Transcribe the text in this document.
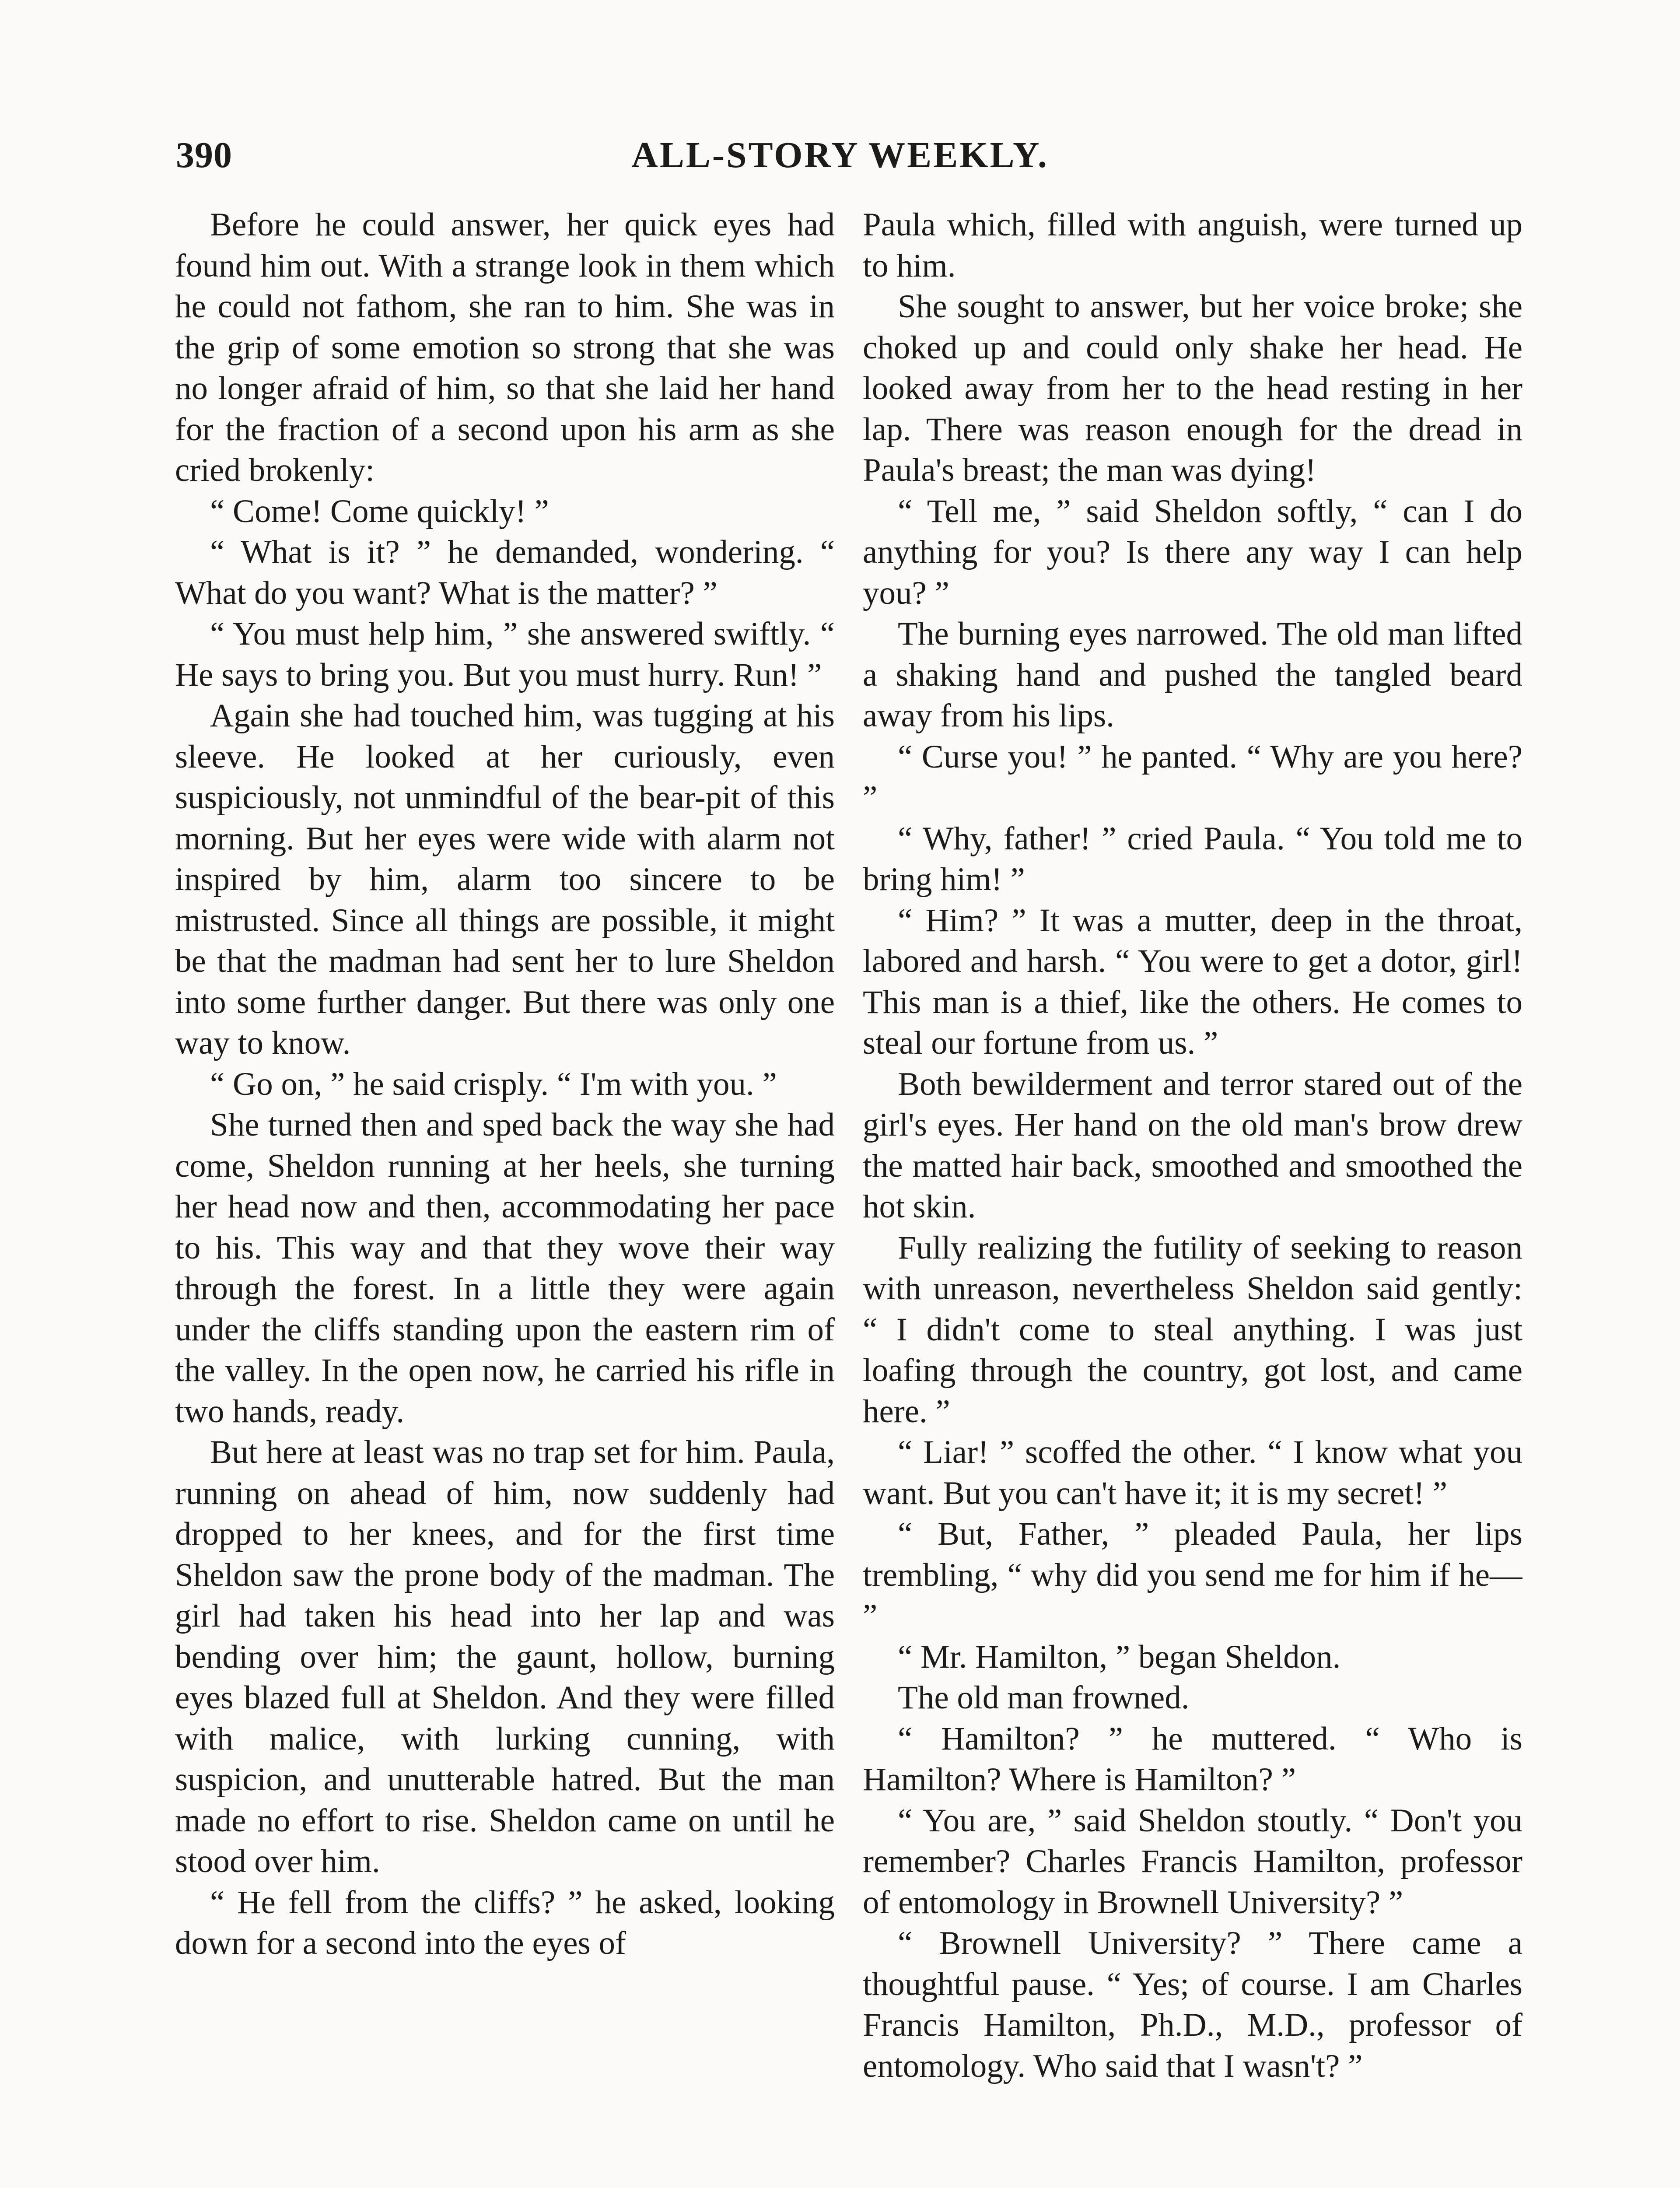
390	ALL-STORY WEEKLY.

Before he could answer, her quick eyes had found him out. With a strange look in them which he could not fathom, she ran to him. She was in the grip of some emotion so strong that she was no longer afraid of him, so that she laid her hand for the fraction of a second upon his arm as she cried brokenly:

“ Come! Come quickly! ”

“ What is it? ” he demanded, wondering. “ What do you want? What is the matter? ”

“ You must help him, ” she answered swiftly. “ He says to bring you. But you must hurry. Run! ”

Again she had touched him, was tugging at his sleeve. He looked at her curiously, even suspiciously, not unmindful of the bear-pit of this morning. But her eyes were wide with alarm not inspired by him, alarm too sincere to be mistrusted. Since all things are possible, it might be that the madman had sent her to lure Sheldon into some further danger. But there was only one way to know.

“ Go on, ” he said crisply. “ I'm with you. ”

She turned then and sped back the way she had come, Sheldon running at her heels, she turning her head now and then, accommodating her pace to his. This way and that they wove their way through the forest. In a little they were again under the cliffs standing upon the eastern rim of the valley. In the open now, he carried his rifle in two hands, ready.

But here at least was no trap set for him. Paula, running on ahead of him, now suddenly had dropped to her knees, and for the first time Sheldon saw the prone body of the madman. The girl had taken his head into her lap and was bending over him; the gaunt, hollow, burning eyes blazed full at Sheldon. And they were filled with malice, with lurking cunning, with suspicion, and unutterable hatred. But the man made no effort to rise. Sheldon came on until he stood over him.

“ He fell from the cliffs? ” he asked, looking down for a second into the eyes of

Paula which, filled with anguish, were turned up to him.

She sought to answer, but her voice broke; she choked up and could only shake her head. He looked away from her to the head resting in her lap. There was reason enough for the dread in Paula's breast; the man was dying!

“ Tell me, ” said Sheldon softly, “ can I do anything for you? Is there any way I can help you? ”

The burning eyes narrowed. The old man lifted a shaking hand and pushed the tangled beard away from his lips.

“ Curse you! ” he panted. “ Why are you here? ”

“ Why, father! ” cried Paula. “ You told me to bring him! ”

“ Him? ” It was a mutter, deep in the throat, labored and harsh. “ You were to get a dotor, girl! This man is a thief, like the others. He comes to steal our fortune from us. ”

Both bewilderment and terror stared out of the girl's eyes. Her hand on the old man's brow drew the matted hair back, smoothed and smoothed the hot skin.

Fully realizing the futility of seeking to reason with unreason, nevertheless Sheldon said gently: “ I didn't come to steal anything. I was just loafing through the country, got lost, and came here. ”

“ Liar! ” scoffed the other. “ I know what you want. But you can't have it; it is my secret! ”

“ But, Father, ” pleaded Paula, her lips trembling, “ why did you send me for him if he— ”

“ Mr. Hamilton, ” began Sheldon.

The old man frowned.

“ Hamilton? ” he muttered. “ Who is Hamilton? Where is Hamilton? ”

“ You are, ” said Sheldon stoutly. “ Don't you remember? Charles Francis Hamilton, professor of entomology in Brownell University? ”

“ Brownell University? ” There came a thoughtful pause. “ Yes; of course. I am Charles Francis Hamilton, Ph.D., M.D., professor of entomology. Who said that I wasn't? ”
